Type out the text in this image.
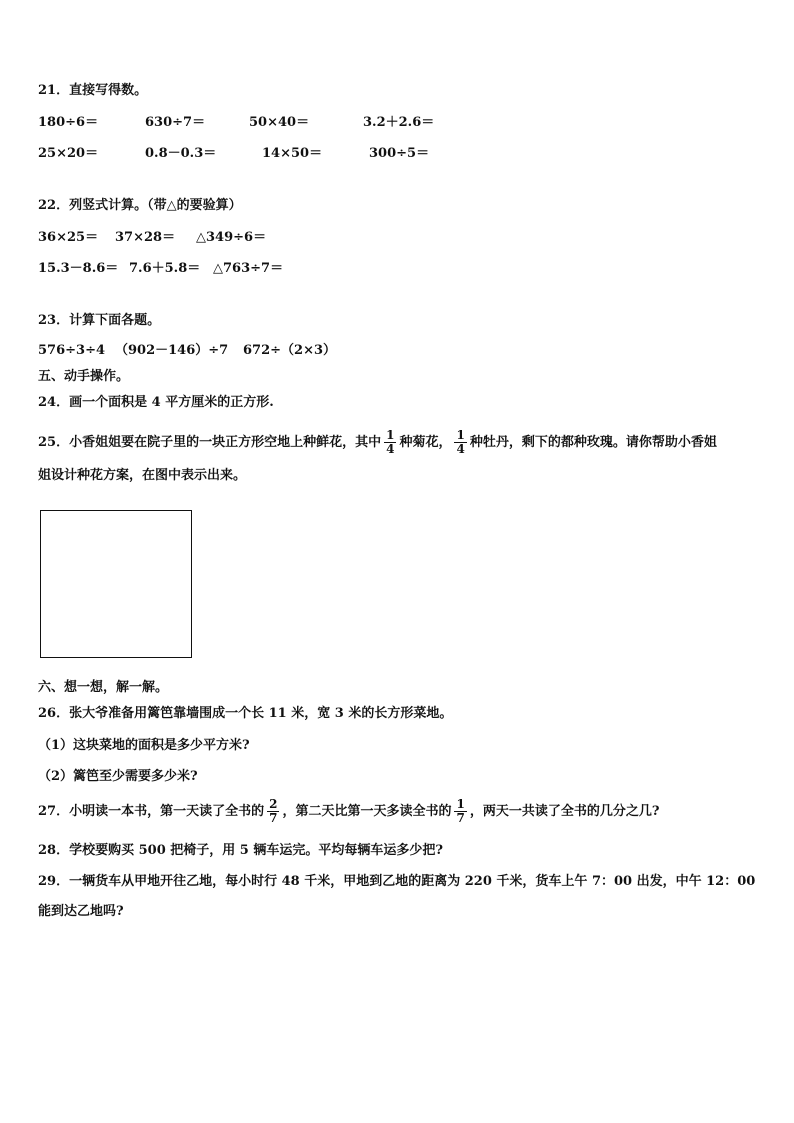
21．直接写得数。
180÷6＝	630÷7＝	50×40＝	3.2＋2.6＝
25×20＝	0.8－0.3＝	14×50＝	300÷5＝
22．列竖式计算。（带△的要验算）
36×25＝ 37×28＝ △349÷6＝
15.3－8.6＝ 7.6＋5.8＝ △763÷7＝
23．计算下面各题。
576÷3÷4 （902－146）÷7 672÷（2×3）
五、动手操作。
24．画一个面积是 4 平方厘米的正方形.
25．小香姐姐要在院子里的一块正方形空地上种鲜花，其中 $\frac{1}{4}$ 种菊花， $\frac{1}{4}$ 种牡丹，剩下的都种玫瑰。请你帮助小香姐
姐设计种花方案，在图中表示出来。
六、想一想，解一解。
26．张大爷准备用篱笆靠墙围成一个长 11 米，宽 3 米的长方形菜地。
（1）这块菜地的面积是多少平方米?
（2）篱笆至少需要多少米?
27．小明读一本书，第一天读了全书的 $\frac{2}{7}$ ，第二天比第一天多读全书的 $\frac{1}{7}$ ，两天一共读了全书的几分之几?
28．学校要购买 500 把椅子，用 5 辆车运完。平均每辆车运多少把?
29．一辆货车从甲地开往乙地，每小时行 48 千米，甲地到乙地的距离为 220 千米，货车上午 7：00 出发，中午 12：00
能到达乙地吗?
